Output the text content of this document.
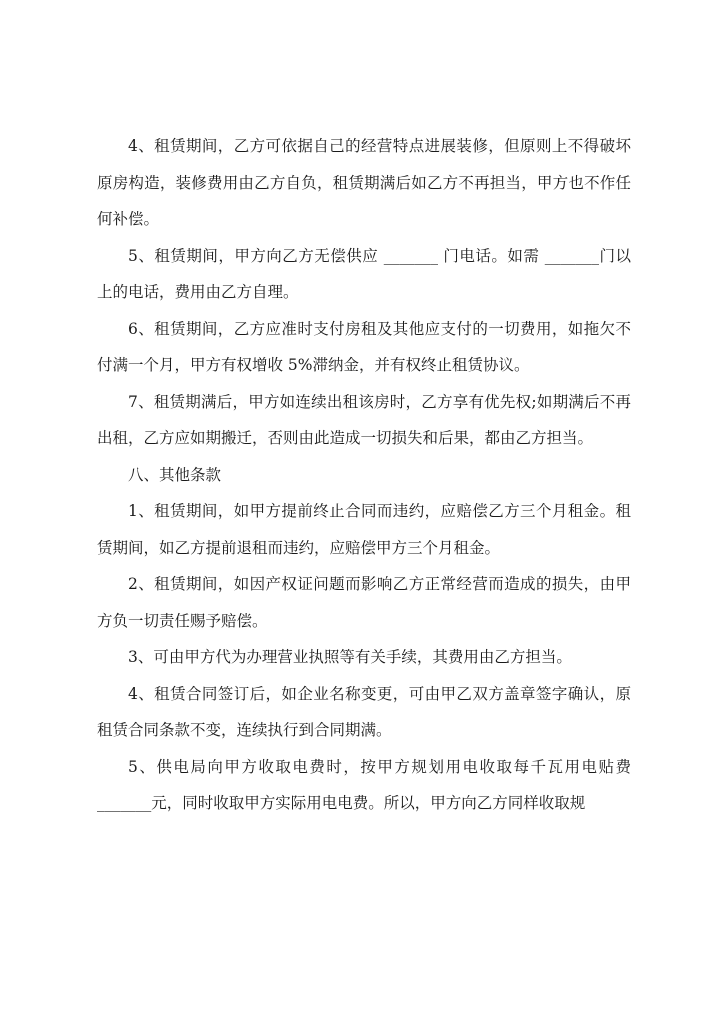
4、租赁期间，乙方可依据自己的经营特点进展装修，但原则上不得破坏原房构造，装修费用由乙方自负，租赁期满后如乙方不再担当，甲方也不作任何补偿。

5、租赁期间，甲方向乙方无偿供应 _______ 门电话。如需 _______门以上的电话，费用由乙方自理。

6、租赁期间，乙方应准时支付房租及其他应支付的一切费用，如拖欠不付满一个月，甲方有权增收 5%滞纳金，并有权终止租赁协议。

7、租赁期满后，甲方如连续出租该房时，乙方享有优先权;如期满后不再出租，乙方应如期搬迁，否则由此造成一切损失和后果，都由乙方担当。

八、其他条款

1、租赁期间，如甲方提前终止合同而违约，应赔偿乙方三个月租金。租赁期间，如乙方提前退租而违约，应赔偿甲方三个月租金。

2、租赁期间，如因产权证问题而影响乙方正常经营而造成的损失，由甲方负一切责任赐予赔偿。

3、可由甲方代为办理营业执照等有关手续，其费用由乙方担当。

4、租赁合同签订后，如企业名称变更，可由甲乙双方盖章签字确认，原租赁合同条款不变，连续执行到合同期满。

5、供电局向甲方收取电费时，按甲方规划用电收取每千瓦用电贴费_______元，同时收取甲方实际用电电费。所以，甲方向乙方同样收取规
